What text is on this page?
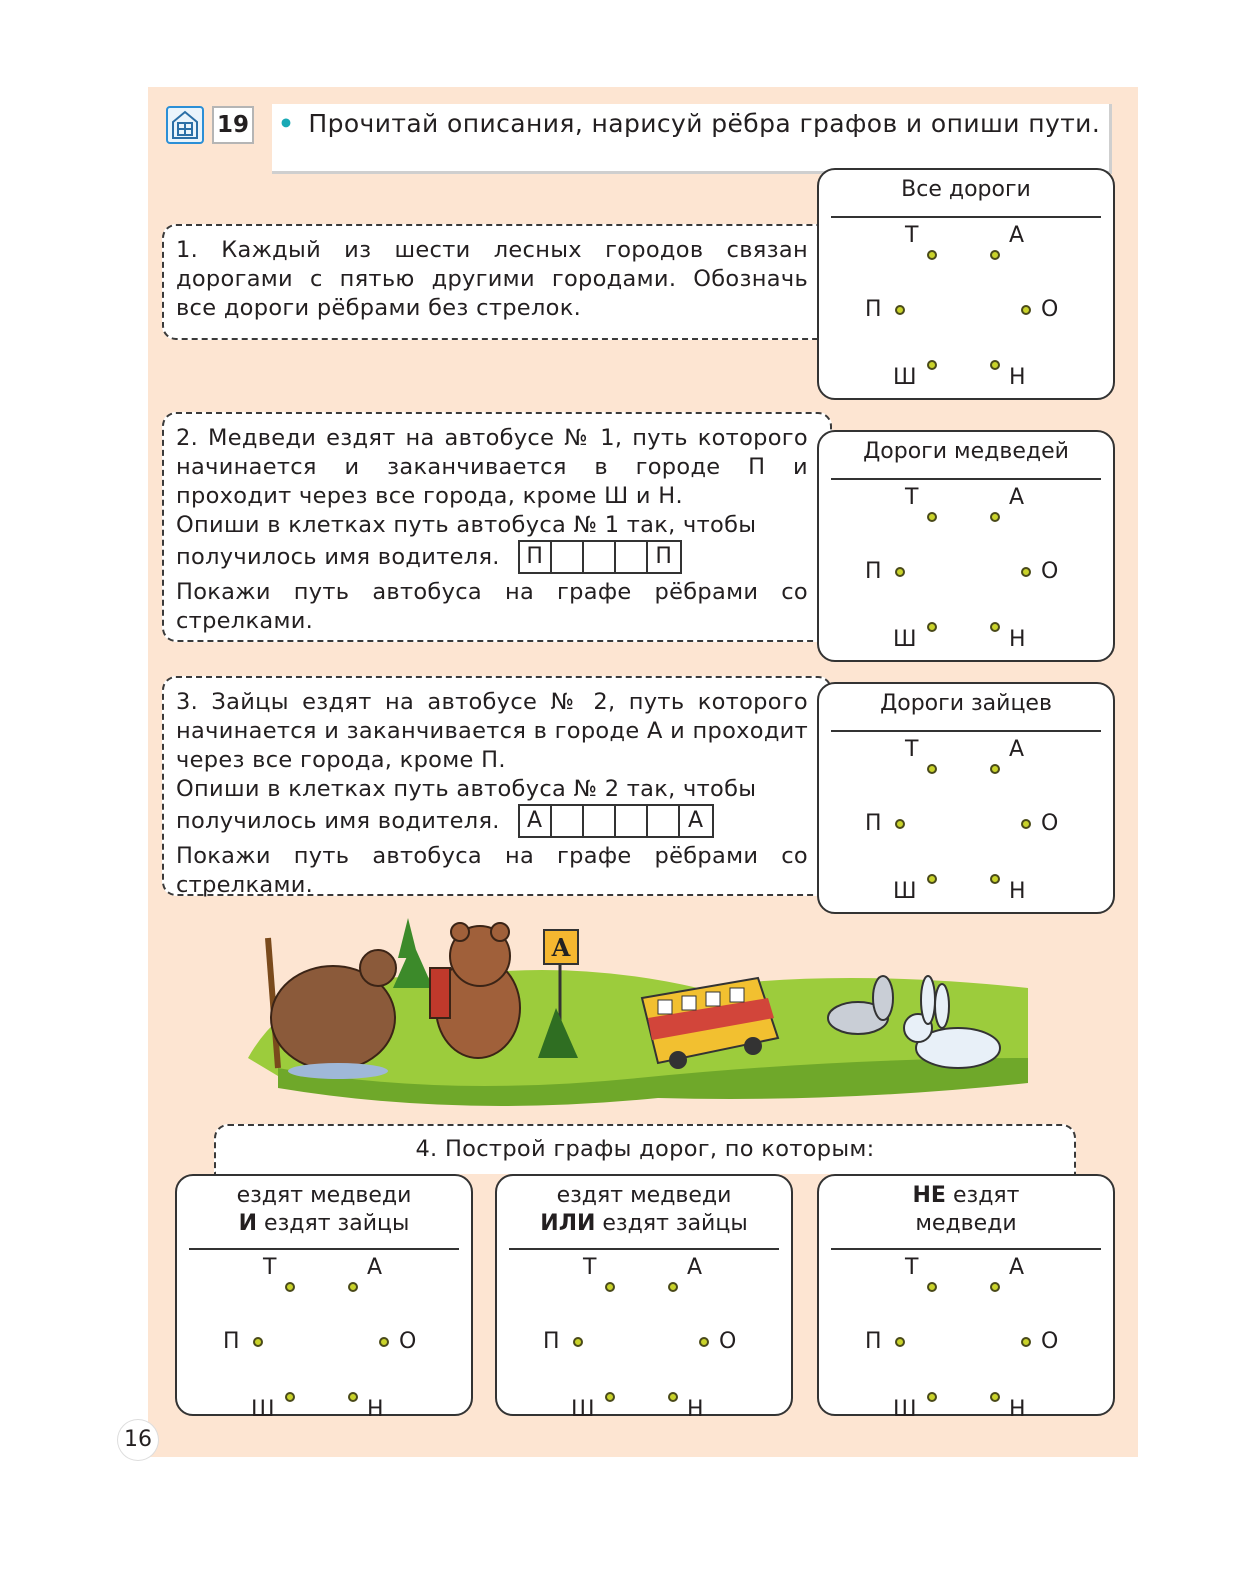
19 • Прочитай описания, нарисуй рёбра графов и опиши пути.

1. Каждый из шести лесных городов связан дорогами с пятью другими городами. Обозначь все дороги рёбрами без стрелок.

2. Медведи ездят на автобусе № 1, путь которого начинается и заканчивается в городе П и проходит через все города, кроме Ш и Н.

Опиши в клетках путь автобуса № 1 так, чтобы

получилось имя водителя. П	П

Покажи путь автобуса на графе рёбрами со стрелками.

3. Зайцы ездят на автобусе № 2, путь которого начинается и заканчивается в городе А и проходит через все города, кроме П.

Опиши в клетках путь автобуса № 2 так, чтобы

получилось имя водителя.	А	А

Покажи путь автобуса на графе рёбрами со стрелками.

Все дороги
Т	А
П	О
Ш	Н
Дороги медведей
Т	А
П	О
Ш	Н
Дороги зайцев
Т	А
П	О
Ш	Н
А
4. Построй графы дорог, по которым:
ездят медведи
И ездят зайцы
Т	А
П	О
Ш	Н
ездят медведи
ИЛИ ездят зайцы
Т	А
П	О
Ш	Н
НЕ ездят
медведи
Т	А
П	О
Ш	Н
16
